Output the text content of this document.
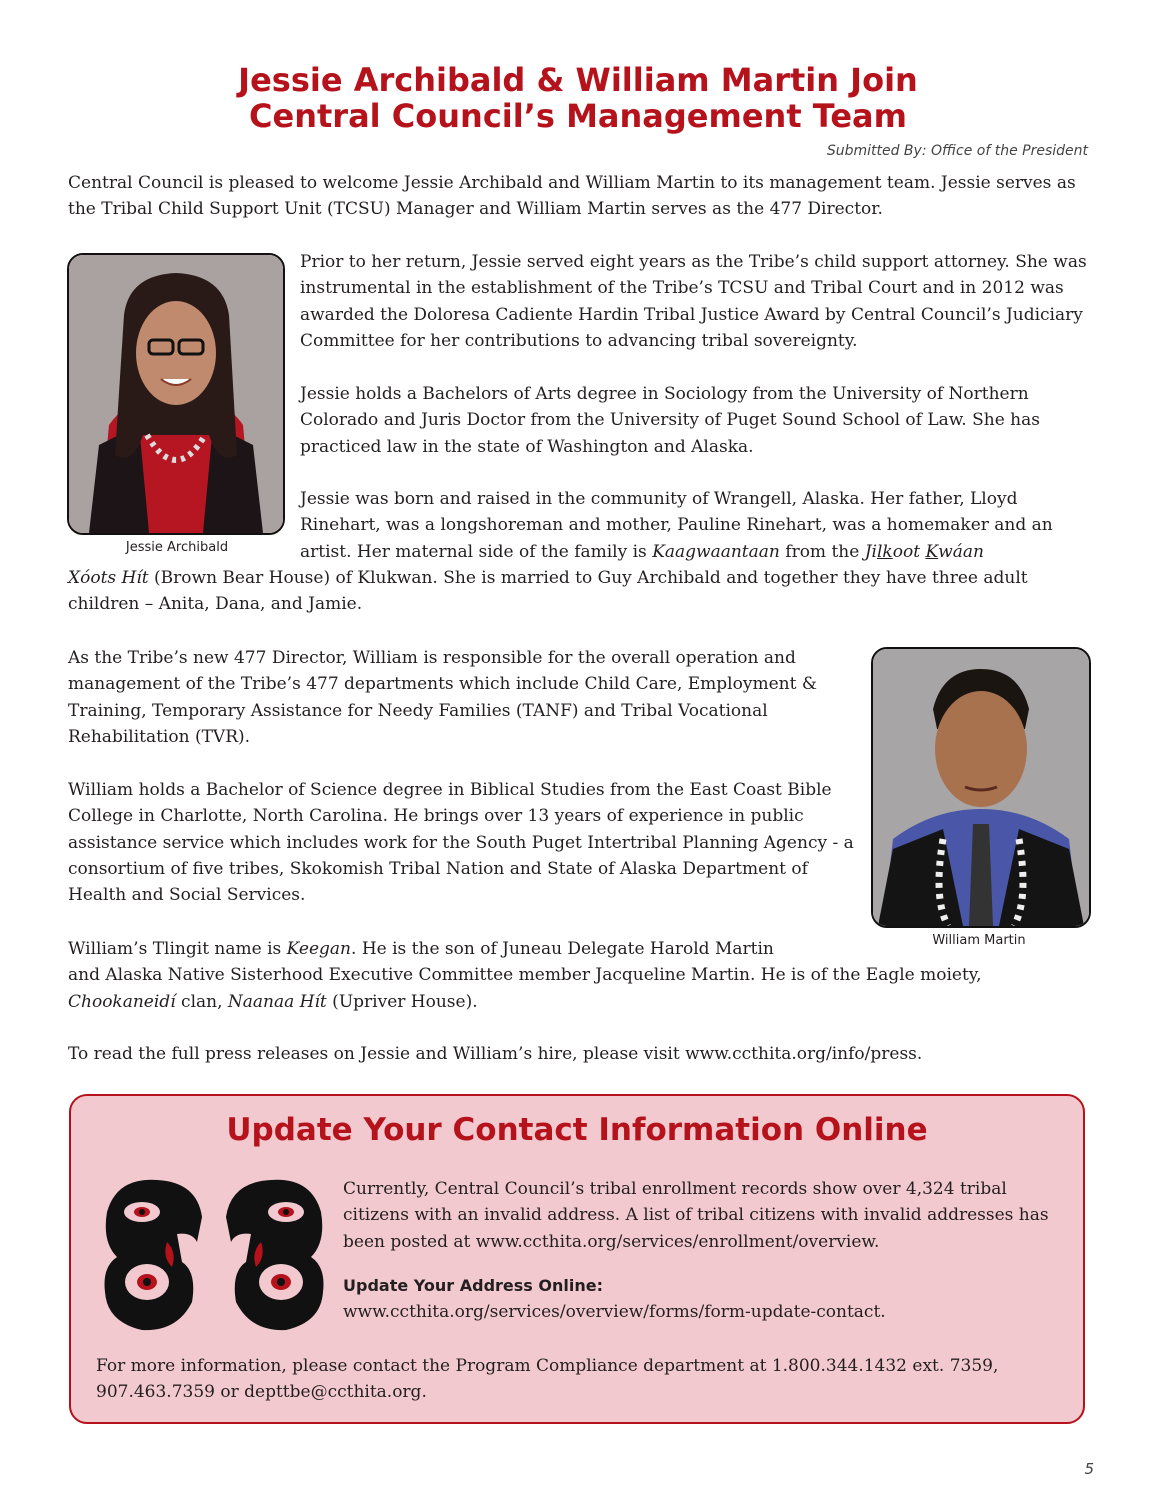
Jessie Archibald & William Martin Join
Central Council’s Management Team
Submitted By: Office of the President

Central Council is pleased to welcome Jessie Archibald and William Martin to its management team. Jessie serves as the Tribal Child Support Unit (TCSU) Manager and William Martin serves as the 477 Director.

Jessie Archibald

Prior to her return, Jessie served eight years as the Tribe’s child support attorney. She was instrumental in the establishment of the Tribe’s TCSU and Tribal Court and in 2012 was awarded the Doloresa Cadiente Hardin Tribal Justice Award by Central Council’s Judiciary Committee for her contributions to advancing tribal sovereignty.

Jessie holds a Bachelors of Arts degree in Sociology from the University of Northern Colorado and Juris Doctor from the University of Puget Sound School of Law. She has practiced law in the state of Washington and Alaska.

Jessie was born and raised in the community of Wrangell, Alaska. Her father, Lloyd Rinehart, was a longshoreman and mother, Pauline Rinehart, was a homemaker and an artist. Her maternal side of the family is Kaagwaantaan from the Jilkoot Kwáan

Xóots Hít (Brown Bear House) of Klukwan. She is married to Guy Archibald and together they have three adult children – Anita, Dana, and Jamie.

As the Tribe’s new 477 Director, William is responsible for the overall operation and management of the Tribe’s 477 departments which include Child Care, Employment & Training, Temporary Assistance for Needy Families (TANF) and Tribal Vocational Rehabilitation (TVR).

William holds a Bachelor of Science degree in Biblical Studies from the East Coast Bible College in Charlotte, North Carolina. He brings over 13 years of experience in public assistance service which includes work for the South Puget Intertribal Planning Agency - a consortium of five tribes, Skokomish Tribal Nation and State of Alaska Department of Health and Social Services.

William Martin

William’s Tlingit name is Keegan. He is the son of Juneau Delegate Harold Martin
and Alaska Native Sisterhood Executive Committee member Jacqueline Martin. He is of the Eagle moiety, Chookaneidí clan, Naanaa Hít (Upriver House).

To read the full press releases on Jessie and William’s hire, please visit www.ccthita.org/info/press.

Update Your Contact Information Online

Currently, Central Council’s tribal enrollment records show over 4,324 tribal citizens with an invalid address. A list of tribal citizens with invalid addresses has been posted at www.ccthita.org/services/enrollment/overview.

Update Your Address Online:

www.ccthita.org/services/overview/forms/form-update-contact.

For more information, please contact the Program Compliance department at 1.800.344.1432 ext. 7359, 907.463.7359 or depttbe@ccthita.org.

5
